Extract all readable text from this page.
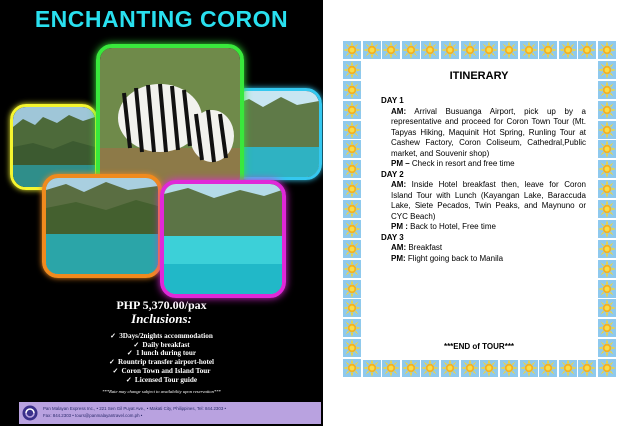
ENCHANTING CORON
PHP 5,370.00/pax
Inclusions:
✓ 3Days/2nights accommodation
✓ Daily breakfast
✓ 1 lunch during tour
✓ Rountrip transfer airport-hotel
✓ Coron Town and Island Tour
✓ Licensed Tour guide
***Rate may change subject to availability upon reservation***
Pan Malayan Express Inc., • 221 Sen Gil Puyat Ave., • Makati City, Philippines, Tel: 844.2303 •
Fax: 844.2303 • tours@panmalayantravel.com.ph •
ITINERARY
DAY 1
AM: Arrival Busuanga Airport, pick up by a representative and proceed for Coron Town Tour (Mt. Tapyas Hiking, Maquinit Hot Spring, Runling Tour at Cashew Factory, Coron Coliseum, Cathedral,Public market, and Souvenir shop)
PM – Check in resort and free time
DAY 2
AM: Inside Hotel breakfast then, leave for Coron Island Tour with Lunch (Kayangan Lake, Baraccuda Lake, Siete Pecados, Twin Peaks, and Maynuno or CYC Beach)
PM : Back to Hotel, Free time
DAY 3
AM: Breakfast
PM: Flight going back to Manila
***END of TOUR***
